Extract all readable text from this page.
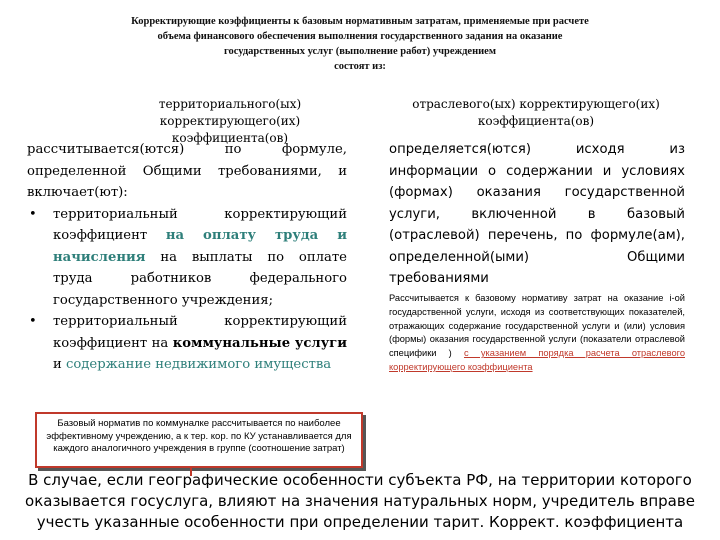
Корректирующие коэффициенты к базовым нормативным затратам, применяемые при расчете
объема финансового обеспечения выполнения государственного задания на оказание
государственных услуг (выполнение работ) учреждением
состоят из:
территориального(ых) корректирующего(их) коэффициента(ов)
отраслевого(ых) корректирующего(их) коэффициента(ов)

рассчитывается(ются) по формуле, определенной Общими требованиями, и включает(ют):

• территориальный корректирующий коэффициент на оплату труда и начисления на выплаты по оплате труда работников федерального государственного учреждения;
• территориальный корректирующий коэффициент на коммунальные услуги и содержание недвижимого имущества
определяется(ются) исходя из информации о содержании и условиях (формах) оказания государственной услуги, включенной в базовый (отраслевой) перечень, по формуле(ам), определенной(ыми) Общими требованиями
Рассчитывается к базовому нормативу затрат на оказание i-ой государственной услуги, исходя из соответствующих показателей, отражающих содержание государственной услуги и (или) условия (формы) оказания государственной услуги (показатели отраслевой специфики ) с указанием порядка расчета отраслевого корректирующего коэффициента
Базовый норматив по коммуналке рассчитывается по наиболее эффективному учреждению, а к тер. кор. по КУ устанавливается для каждого аналогичного учреждения в группе (соотношение затрат)
В случае, если географические особенности субъекта РФ, на территории которого оказывается госуслуга, влияют на значения натуральных норм, учредитель вправе учесть указанные особенности при определении тарит. Коррект. коэффициента
